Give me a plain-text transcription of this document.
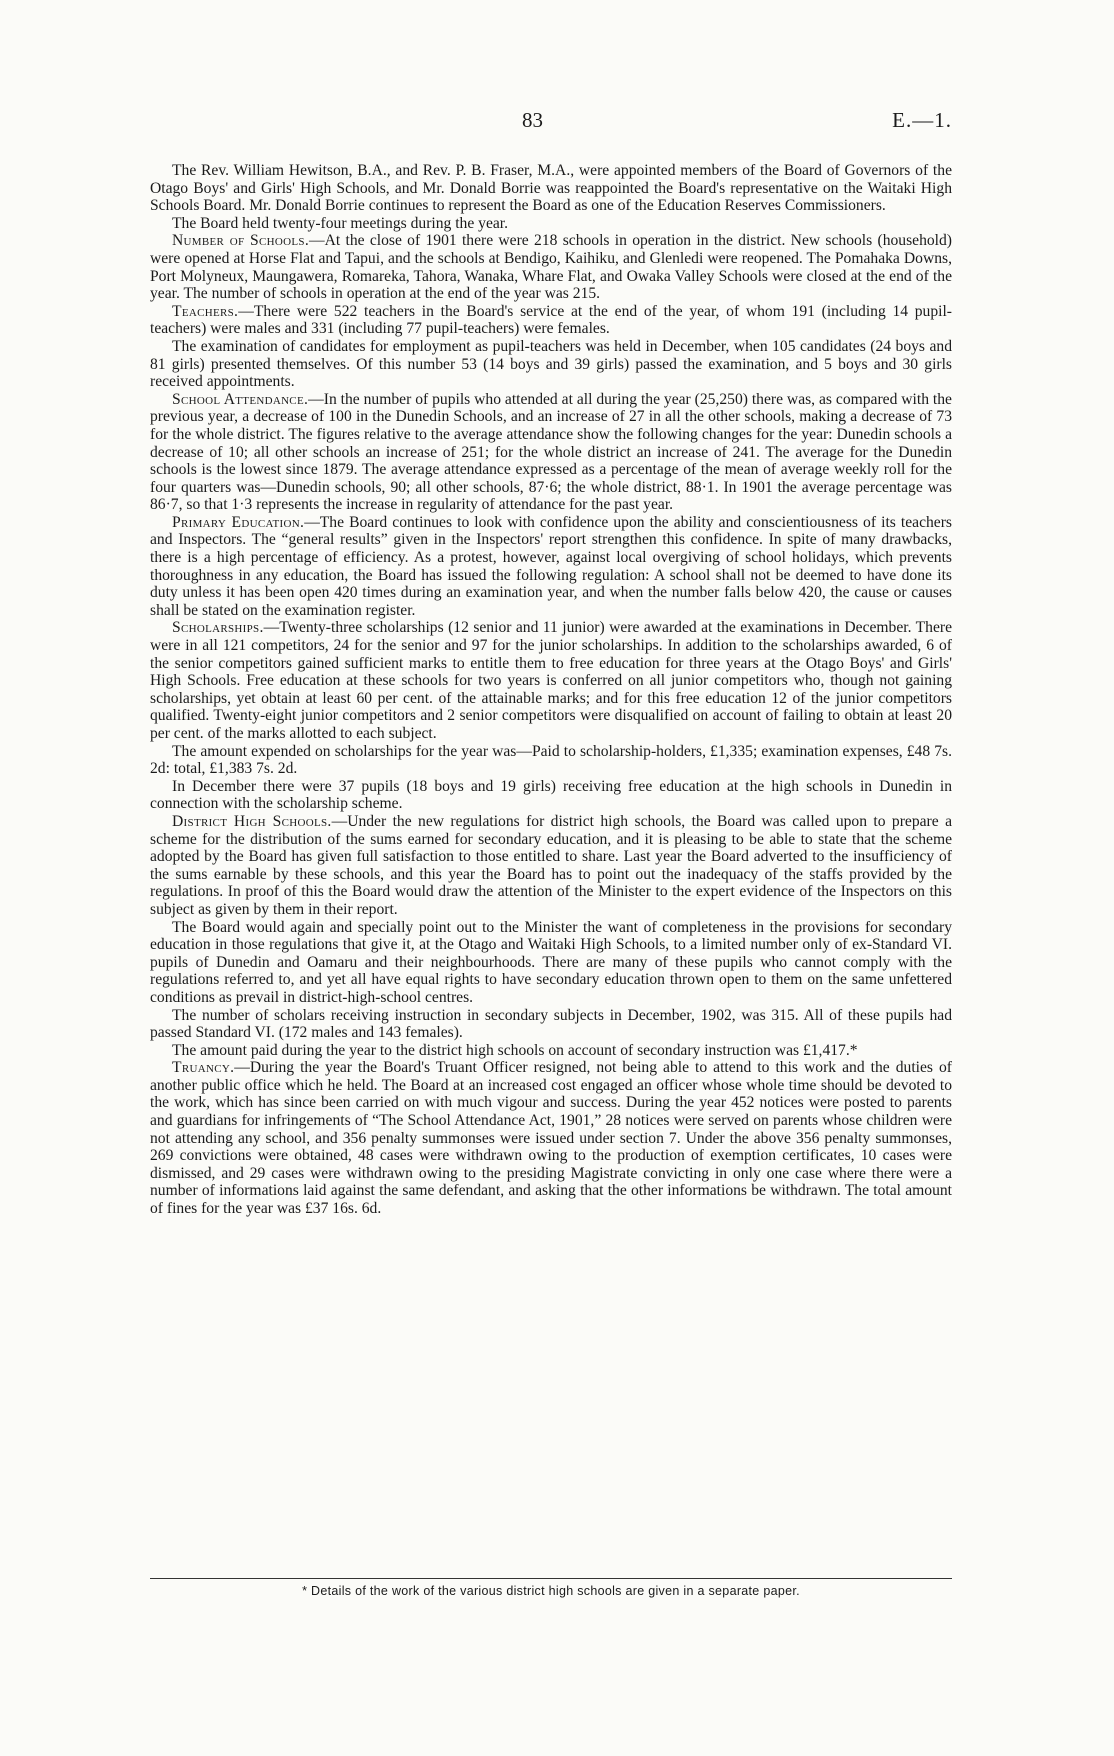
83	E.—1.

The Rev. William Hewitson, B.A., and Rev. P. B. Fraser, M.A., were appointed members of the Board of Governors of the Otago Boys' and Girls' High Schools, and Mr. Donald Borrie was reappointed the Board's representative on the Waitaki High Schools Board. Mr. Donald Borrie continues to represent the Board as one of the Education Reserves Commissioners.

The Board held twenty-four meetings during the year.

Number of Schools.—At the close of 1901 there were 218 schools in operation in the district. New schools (household) were opened at Horse Flat and Tapui, and the schools at Bendigo, Kaihiku, and Glenledi were reopened. The Pomahaka Downs, Port Molyneux, Maungawera, Romareka, Tahora, Wanaka, Whare Flat, and Owaka Valley Schools were closed at the end of the year. The number of schools in operation at the end of the year was 215.

Teachers.—There were 522 teachers in the Board's service at the end of the year, of whom 191 (including 14 pupil-teachers) were males and 331 (including 77 pupil-teachers) were females.

The examination of candidates for employment as pupil-teachers was held in December, when 105 candidates (24 boys and 81 girls) presented themselves. Of this number 53 (14 boys and 39 girls) passed the examination, and 5 boys and 30 girls received appointments.

School Attendance.—In the number of pupils who attended at all during the year (25,250) there was, as compared with the previous year, a decrease of 100 in the Dunedin Schools, and an increase of 27 in all the other schools, making a decrease of 73 for the whole district. The figures relative to the average attendance show the following changes for the year: Dunedin schools a decrease of 10; all other schools an increase of 251; for the whole district an increase of 241. The average for the Dunedin schools is the lowest since 1879. The average attendance expressed as a percentage of the mean of average weekly roll for the four quarters was—Dunedin schools, 90; all other schools, 87·6; the whole district, 88·1. In 1901 the average percentage was 86·7, so that 1·3 represents the increase in regularity of attendance for the past year.

Primary Education.—The Board continues to look with confidence upon the ability and conscientiousness of its teachers and Inspectors. The “general results” given in the Inspectors' report strengthen this confidence. In spite of many drawbacks, there is a high percentage of efficiency. As a protest, however, against local overgiving of school holidays, which prevents thoroughness in any education, the Board has issued the following regulation: A school shall not be deemed to have done its duty unless it has been open 420 times during an examination year, and when the number falls below 420, the cause or causes shall be stated on the examination register.

Scholarships.—Twenty-three scholarships (12 senior and 11 junior) were awarded at the examinations in December. There were in all 121 competitors, 24 for the senior and 97 for the junior scholarships. In addition to the scholarships awarded, 6 of the senior competitors gained sufficient marks to entitle them to free education for three years at the Otago Boys' and Girls' High Schools. Free education at these schools for two years is conferred on all junior competitors who, though not gaining scholarships, yet obtain at least 60 per cent. of the attainable marks; and for this free education 12 of the junior competitors qualified. Twenty-eight junior competitors and 2 senior competitors were disqualified on account of failing to obtain at least 20 per cent. of the marks allotted to each subject.

The amount expended on scholarships for the year was—Paid to scholarship-holders, £1,335; examination expenses, £48 7s. 2d: total, £1,383 7s. 2d.

In December there were 37 pupils (18 boys and 19 girls) receiving free education at the high schools in Dunedin in connection with the scholarship scheme.

District High Schools.—Under the new regulations for district high schools, the Board was called upon to prepare a scheme for the distribution of the sums earned for secondary education, and it is pleasing to be able to state that the scheme adopted by the Board has given full satisfaction to those entitled to share. Last year the Board adverted to the insufficiency of the sums earnable by these schools, and this year the Board has to point out the inadequacy of the staffs provided by the regulations. In proof of this the Board would draw the attention of the Minister to the expert evidence of the Inspectors on this subject as given by them in their report.

The Board would again and specially point out to the Minister the want of completeness in the provisions for secondary education in those regulations that give it, at the Otago and Waitaki High Schools, to a limited number only of ex-Standard VI. pupils of Dunedin and Oamaru and their neighbourhoods. There are many of these pupils who cannot comply with the regulations referred to, and yet all have equal rights to have secondary education thrown open to them on the same unfettered conditions as prevail in district-high-school centres.

The number of scholars receiving instruction in secondary subjects in December, 1902, was 315. All of these pupils had passed Standard VI. (172 males and 143 females).

The amount paid during the year to the district high schools on account of secondary instruction was £1,417.*

Truancy.—During the year the Board's Truant Officer resigned, not being able to attend to this work and the duties of another public office which he held. The Board at an increased cost engaged an officer whose whole time should be devoted to the work, which has since been carried on with much vigour and success. During the year 452 notices were posted to parents and guardians for infringements of “The School Attendance Act, 1901,” 28 notices were served on parents whose children were not attending any school, and 356 penalty summonses were issued under section 7. Under the above 356 penalty summonses, 269 convictions were obtained, 48 cases were withdrawn owing to the production of exemption certificates, 10 cases were dismissed, and 29 cases were withdrawn owing to the presiding Magistrate convicting in only one case where there were a number of informations laid against the same defendant, and asking that the other informations be withdrawn. The total amount of fines for the year was £37 16s. 6d.

* Details of the work of the various district high schools are given in a separate paper.
